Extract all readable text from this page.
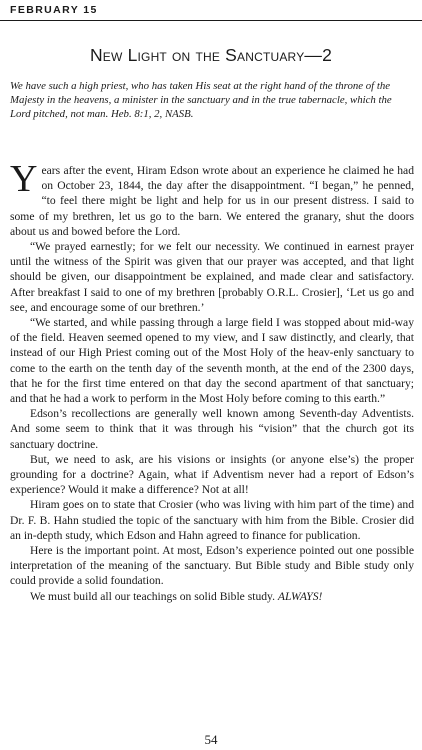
FEBRUARY 15
New Light on the Sanctuary—2
We have such a high priest, who has taken His seat at the right hand of the throne of the Majesty in the heavens, a minister in the sanctuary and in the true tabernacle, which the Lord pitched, not man. Heb. 8:1, 2, NASB.

Years after the event, Hiram Edson wrote about an experience he claimed he had on October 23, 1844, the day after the disappointment. “I began,” he penned, “to feel there might be light and help for us in our present distress. I said to some of my brethren, let us go to the barn. We entered the granary, shut the doors about us and bowed before the Lord.

“We prayed earnestly; for we felt our necessity. We continued in earnest prayer until the witness of the Spirit was given that our prayer was accepted, and that light should be given, our disappointment be explained, and made clear and satisfactory. After breakfast I said to one of my brethren [probably O.R.L. Crosier], ‘Let us go and see, and encourage some of our brethren.’

“We started, and while passing through a large field I was stopped about mid-way of the field. Heaven seemed opened to my view, and I saw distinctly, and clearly, that instead of our High Priest coming out of the Most Holy of the heav-enly sanctuary to come to the earth on the tenth day of the seventh month, at the end of the 2300 days, that he for the first time entered on that day the second apartment of that sanctuary; and that he had a work to perform in the Most Holy before coming to this earth.”

Edson’s recollections are generally well known among Seventh-day Adventists. And some seem to think that it was through his “vision” that the church got its sanctuary doctrine.

But, we need to ask, are his visions or insights (or anyone else’s) the proper grounding for a doctrine? Again, what if Adventism never had a report of Edson’s experience? Would it make a difference? Not at all!

Hiram goes on to state that Crosier (who was living with him part of the time) and Dr. F. B. Hahn studied the topic of the sanctuary with him from the Bible. Crosier did an in-depth study, which Edson and Hahn agreed to finance for publication.

Here is the important point. At most, Edson’s experience pointed out one possible interpretation of the meaning of the sanctuary. But Bible study and Bible study only could provide a solid foundation.

We must build all our teachings on solid Bible study. ALWAYS!

54
